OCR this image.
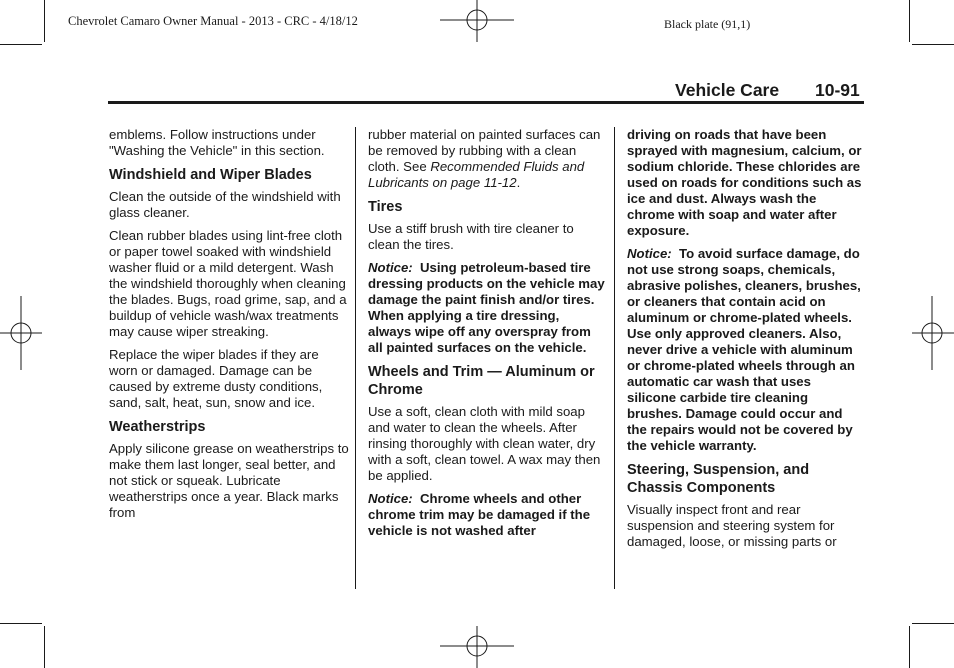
Chevrolet Camaro Owner Manual - 2013 - CRC - 4/18/12	Black plate (91,1)
Vehicle Care 10-91

emblems. Follow instructions under "Washing the Vehicle" in this section.

Windshield and Wiper Blades

Clean the outside of the windshield with glass cleaner.

Clean rubber blades using lint-free cloth or paper towel soaked with windshield washer fluid or a mild detergent. Wash the windshield thoroughly when cleaning the blades. Bugs, road grime, sap, and a buildup of vehicle wash/wax treatments may cause wiper streaking.

Replace the wiper blades if they are worn or damaged. Damage can be caused by extreme dusty conditions, sand, salt, heat, sun, snow and ice.

Weatherstrips

Apply silicone grease on weatherstrips to make them last longer, seal better, and not stick or squeak. Lubricate weatherstrips once a year. Black marks from

rubber material on painted surfaces can be removed by rubbing with a clean cloth. See Recommended Fluids and Lubricants on page 11-12.

Tires

Use a stiff brush with tire cleaner to clean the tires.

Notice: Using petroleum-based tire dressing products on the vehicle may damage the paint finish and/or tires. When applying a tire dressing, always wipe off any overspray from all painted surfaces on the vehicle.

Wheels and Trim — Aluminum or Chrome

Use a soft, clean cloth with mild soap and water to clean the wheels. After rinsing thoroughly with clean water, dry with a soft, clean towel. A wax may then be applied.

Notice: Chrome wheels and other chrome trim may be damaged if the vehicle is not washed after

driving on roads that have been sprayed with magnesium, calcium, or sodium chloride. These chlorides are used on roads for conditions such as ice and dust. Always wash the chrome with soap and water after exposure.

Notice: To avoid surface damage, do not use strong soaps, chemicals, abrasive polishes, cleaners, brushes, or cleaners that contain acid on aluminum or chrome-plated wheels. Use only approved cleaners. Also, never drive a vehicle with aluminum or chrome-plated wheels through an automatic car wash that uses silicone carbide tire cleaning brushes. Damage could occur and the repairs would not be covered by the vehicle warranty.

Steering, Suspension, and Chassis Components

Visually inspect front and rear suspension and steering system for damaged, loose, or missing parts or
